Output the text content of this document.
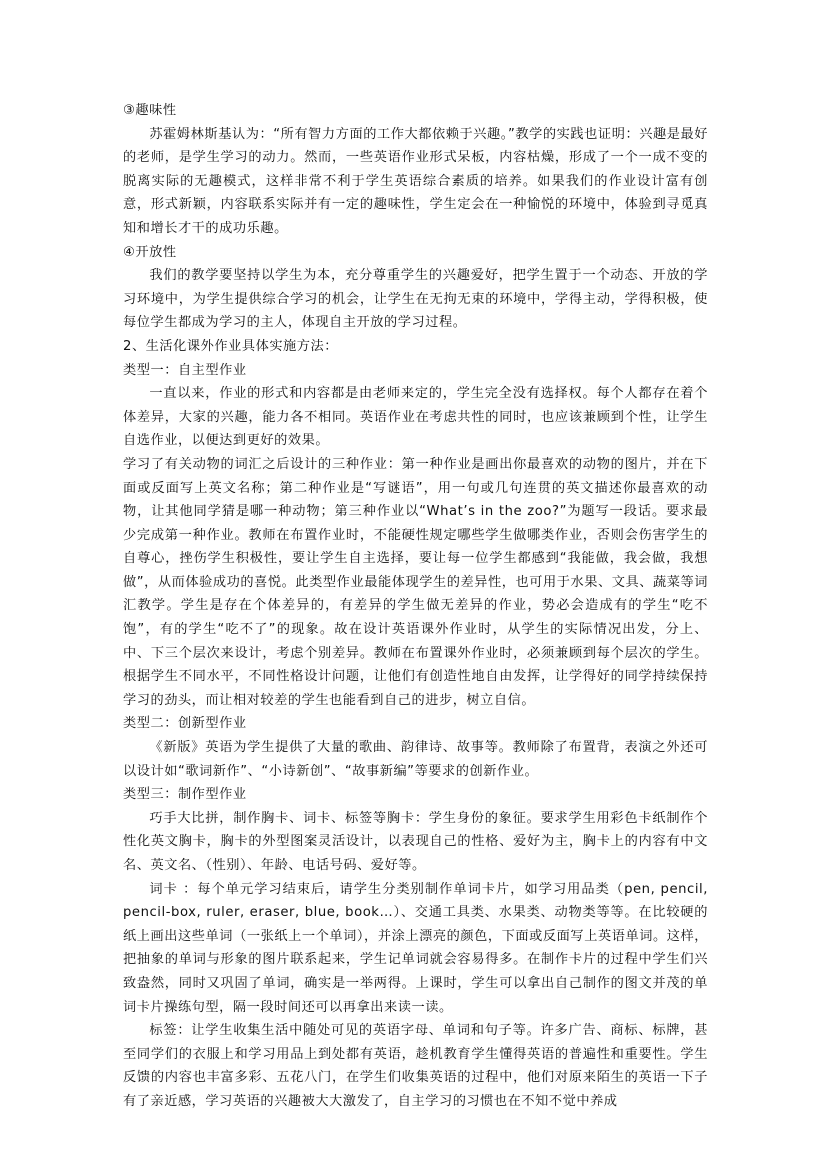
③趣味性

苏霍姆林斯基认为：“所有智力方面的工作大都依赖于兴趣。”教学的实践也证明：兴趣是最好的老师，是学生学习的动力。然而，一些英语作业形式呆板，内容枯燥，形成了一个一成不变的脱离实际的无趣模式，这样非常不利于学生英语综合素质的培养。如果我们的作业设计富有创意，形式新颖，内容联系实际并有一定的趣味性，学生定会在一种愉悦的环境中，体验到寻觅真知和增长才干的成功乐趣。

④开放性

我们的教学要坚持以学生为本，充分尊重学生的兴趣爱好，把学生置于一个动态、开放的学习环境中，为学生提供综合学习的机会，让学生在无拘无束的环境中，学得主动，学得积极，使每位学生都成为学习的主人，体现自主开放的学习过程。

2、生活化课外作业具体实施方法：

类型一：自主型作业

一直以来，作业的形式和内容都是由老师来定的，学生完全没有选择权。每个人都存在着个体差异，大家的兴趣，能力各不相同。英语作业在考虑共性的同时，也应该兼顾到个性，让学生自选作业，以便达到更好的效果。

学习了有关动物的词汇之后设计的三种作业：第一种作业是画出你最喜欢的动物的图片，并在下面或反面写上英文名称；第二种作业是“写谜语”，用一句或几句连贯的英文描述你最喜欢的动物，让其他同学猜是哪一种动物；第三种作业以“What’s in the zoo?”为题写一段话。要求最少完成第一种作业。教师在布置作业时，不能硬性规定哪些学生做哪类作业，否则会伤害学生的自尊心，挫伤学生积极性，要让学生自主选择，要让每一位学生都感到“我能做，我会做，我想做”，从而体验成功的喜悦。此类型作业最能体现学生的差异性，也可用于水果、文具、蔬菜等词汇教学。学生是存在个体差异的，有差异的学生做无差异的作业，势必会造成有的学生“吃不饱”，有的学生“吃不了”的现象。故在设计英语课外作业时，从学生的实际情况出发，分上、中、下三个层次来设计，考虑个别差异。教师在布置课外作业时，必须兼顾到每个层次的学生。根据学生不同水平，不同性格设计问题，让他们有创造性地自由发挥，让学得好的同学持续保持学习的劲头，而让相对较差的学生也能看到自己的进步，树立自信。

类型二：创新型作业

《新版》英语为学生提供了大量的歌曲、韵律诗、故事等。教师除了布置背，表演之外还可以设计如“歌词新作”、“小诗新创”、“故事新编”等要求的创新作业。

类型三：制作型作业

巧手大比拼，制作胸卡、词卡、标签等胸卡：学生身份的象征。要求学生用彩色卡纸制作个性化英文胸卡，胸卡的外型图案灵活设计，以表现自己的性格、爱好为主，胸卡上的内容有中文名、英文名、（性别）、年龄、电话号码、爱好等。

词卡 ：每个单元学习结束后，请学生分类别制作单词卡片，如学习用品类（pen, pencil, pencil-box, ruler, eraser, blue, book…）、交通工具类、水果类、动物类等等。在比较硬的纸上画出这些单词（一张纸上一个单词），并涂上漂亮的颜色，下面或反面写上英语单词。这样，把抽象的单词与形象的图片联系起来，学生记单词就会容易得多。在制作卡片的过程中学生们兴致盎然，同时又巩固了单词，确实是一举两得。上课时，学生可以拿出自己制作的图文并茂的单词卡片操练句型，隔一段时间还可以再拿出来读一读。

标签：让学生收集生活中随处可见的英语字母、单词和句子等。许多广告、商标、标牌，甚至同学们的衣服上和学习用品上到处都有英语，趁机教育学生懂得英语的普遍性和重要性。学生反馈的内容也丰富多彩、五花八门，在学生们收集英语的过程中，他们对原来陌生的英语一下子有了亲近感，学习英语的兴趣被大大激发了，自主学习的习惯也在不知不觉中养成
